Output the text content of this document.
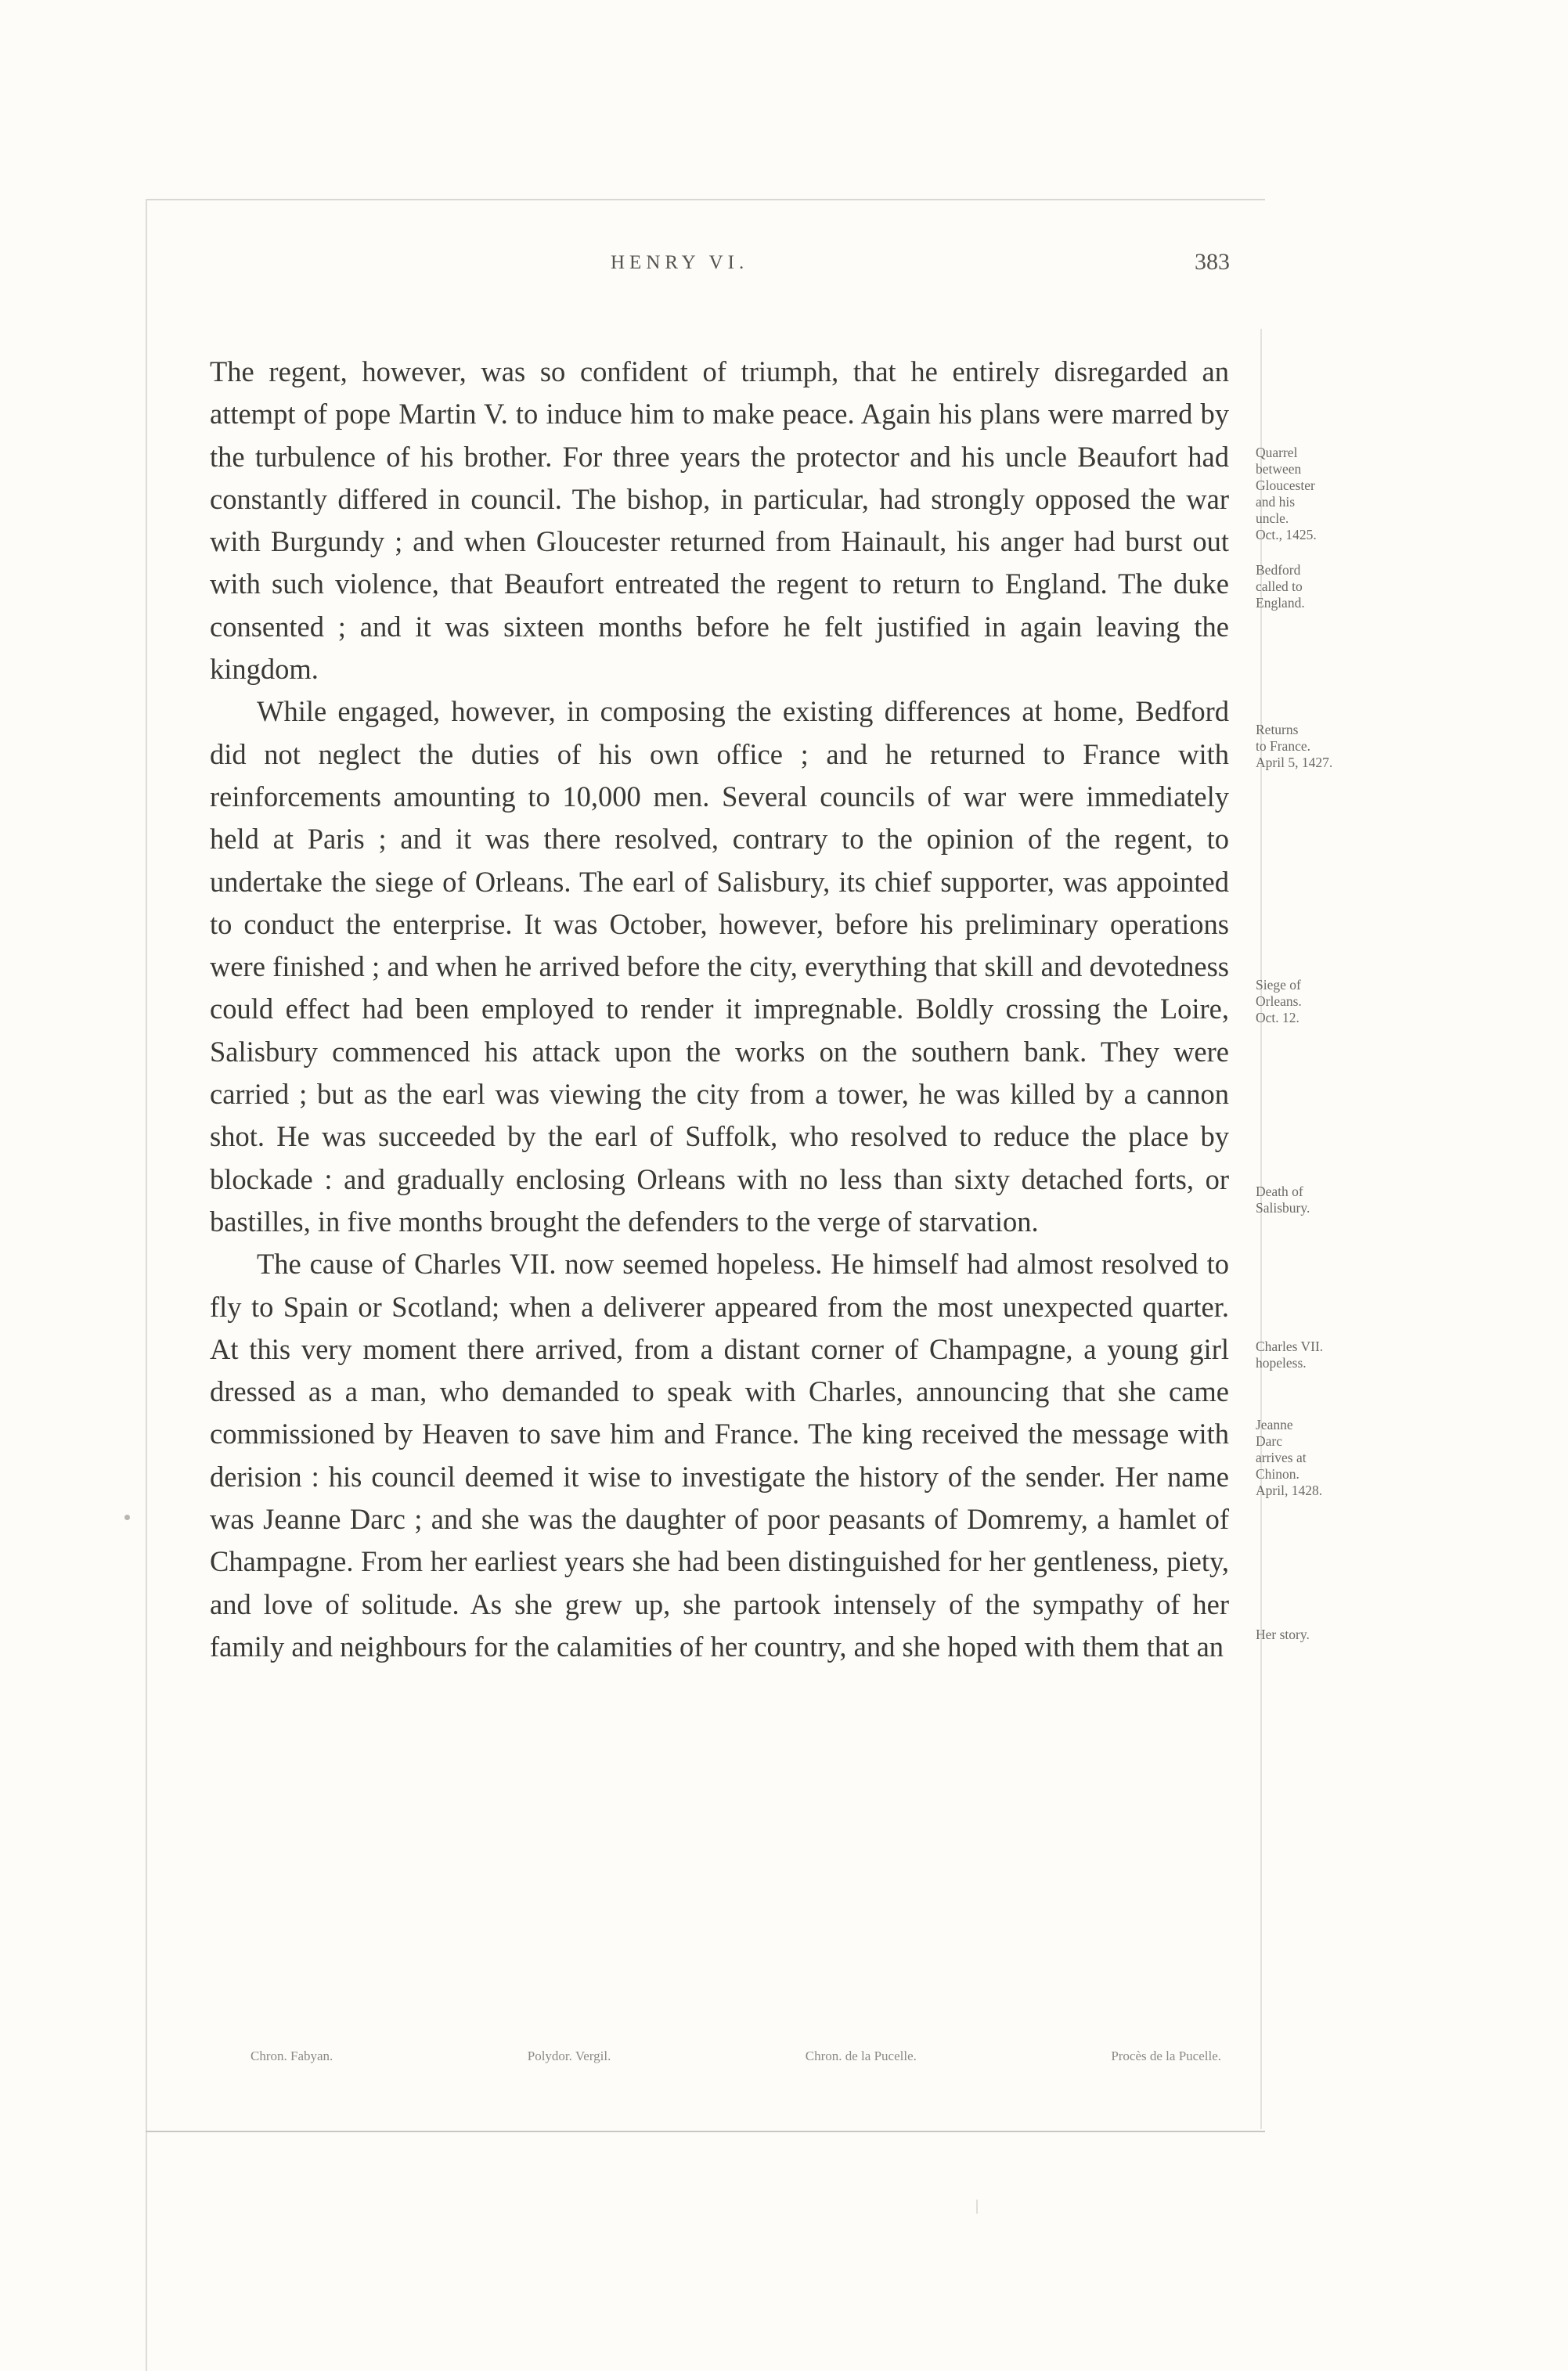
HENRY VI.	383

The regent, however, was so confident of triumph, that he entirely disregarded an attempt of pope Martin V. to induce him to make peace. Again his plans were marred by the turbulence of his brother. For three years the protector and his uncle Beaufort had constantly differed in council. The bishop, in particular, had strongly opposed the war with Burgundy ; and when Gloucester returned from Hainault, his anger had burst out with such violence, that Beaufort entreated the regent to return to England. The duke consented ; and it was sixteen months before he felt justified in again leaving the kingdom.

While engaged, however, in composing the existing differences at home, Bedford did not neglect the duties of his own office ; and he returned to France with reinforcements amounting to 10,000 men. Several councils of war were immediately held at Paris ; and it was there resolved, contrary to the opinion of the regent, to undertake the siege of Orleans. The earl of Salisbury, its chief supporter, was appointed to conduct the enterprise. It was October, however, before his preliminary operations were finished ; and when he arrived before the city, everything that skill and devotedness could effect had been employed to render it impregnable. Boldly crossing the Loire, Salisbury commenced his attack upon the works on the southern bank. They were carried ; but as the earl was viewing the city from a tower, he was killed by a cannon shot. He was succeeded by the earl of Suffolk, who resolved to reduce the place by blockade : and gradually enclosing Orleans with no less than sixty detached forts, or bastilles, in five months brought the defenders to the verge of starvation.

The cause of Charles VII. now seemed hopeless. He himself had almost resolved to fly to Spain or Scotland; when a deliverer appeared from the most unexpected quarter. At this very moment there arrived, from a distant corner of Champagne, a young girl dressed as a man, who demanded to speak with Charles, announcing that she came commissioned by Heaven to save him and France. The king received the message with derision : his council deemed it wise to investigate the history of the sender. Her name was Jeanne Darc ; and she was the daughter of poor peasants of Domremy, a hamlet of Champagne. From her earliest years she had been distinguished for her gentleness, piety, and love of solitude. As she grew up, she partook intensely of the sympathy of her family and neighbours for the calamities of her country, and she hoped with them that an

Quarrel
between
Gloucester
and his
uncle.
Oct., 1425.
Bedford
called to
England.
Returns
to France.
April 5, 1427.
Siege of
Orleans.
Oct. 12.
Death of
Salisbury.
Charles VII.
hopeless.
Jeanne
Darc
arrives at
Chinon.
April, 1428.
Her story.
Chron. Fabyan.	Polydor. Vergil.	Chron. de la Pucelle.	Procès de la Pucelle.
